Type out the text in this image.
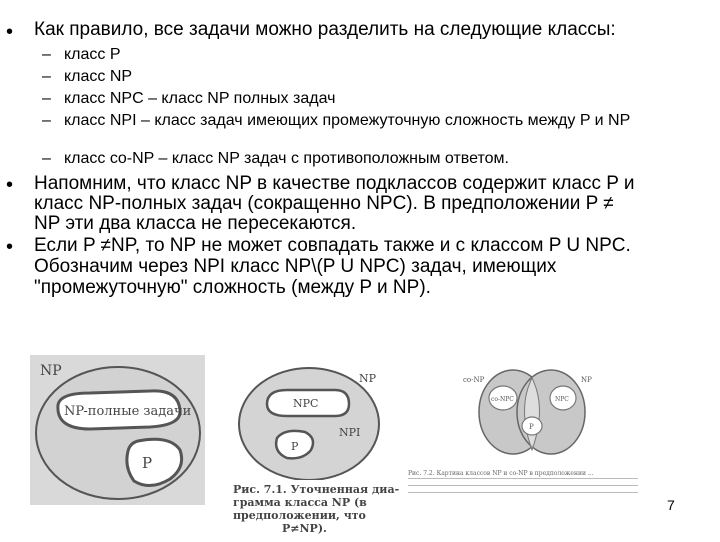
• Как правило, все задачи можно разделить на следующие классы:
– класс P
– класс NP
– класс NPC – класс NP полных задач
– класс NPI – класс задач имеющих промежуточную сложность между P и NP
– класс co-NP – класс NP задач с противоположным ответом.
• Напомним, что класс NP в качестве подклассов содержит класс P и
класс NP-полных задач (сокращенно NPC). В предположении P ≠
NP эти два класса не пересекаются.
• Если P ≠NP, то NP не может совпадать также и с классом P U NPC.
Обозначим через NPI класс NP\(P U NPC) задач, имеющих
"промежуточную" сложность (между P и NP).
NP
NP-полные задачи
P
NP
NPC
NPI
P
Рис. 7.1. Уточненная диа-
грамма класса NP (в
предположении, что
P≠NP).
co-NP	NP
co-NPC	NPC
P
Рис. 7.2. Картина классов NP и co-NP в предположении ...
7
